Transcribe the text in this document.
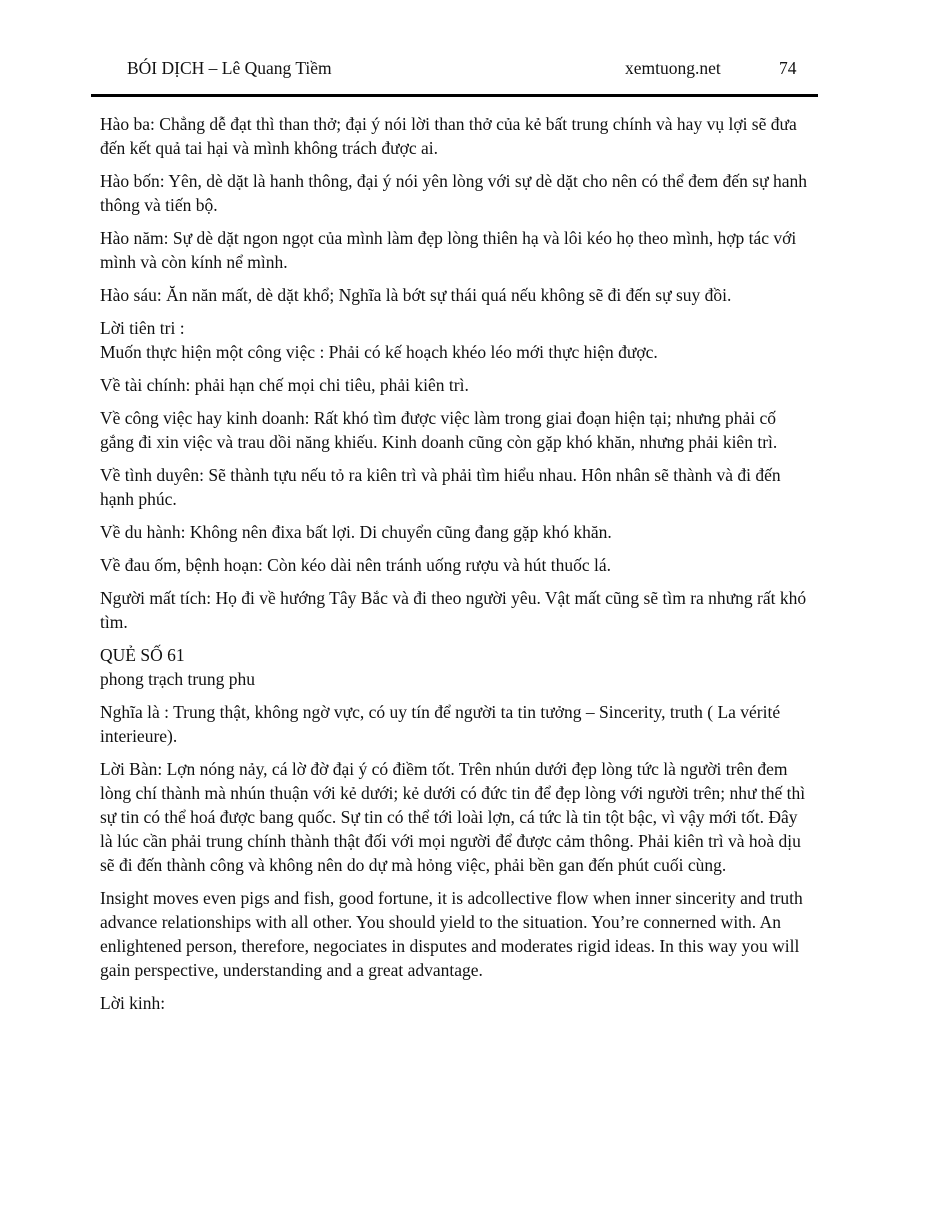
BÓI DỊCH – Lê Quang Tiềm	xemtuong.net	74

Hào ba: Chẳng dễ đạt thì than thở; đại ý nói lời than thở của kẻ bất trung chính và hay vụ lợi sẽ đưa đến kết quả tai hại và mình không trách được ai.

Hào bốn: Yên, dè dặt là hanh thông, đại ý nói yên lòng với sự dè dặt cho nên có thể đem đến sự hanh thông và tiến bộ.

Hào năm: Sự dè dặt ngon ngọt của mình làm đẹp lòng thiên hạ và lôi kéo họ theo mình, hợp tác với mình và còn kính nể mình.

Hào sáu: Ăn năn mất, dè dặt khổ; Nghĩa là bớt sự thái quá nếu không sẽ đi đến sự suy đồi.

Lời tiên tri :

Muốn thực hiện một công việc : Phải có kế hoạch khéo léo mới thực hiện được.

Về tài chính: phải hạn chế mọi chi tiêu, phải kiên trì.

Về công việc hay kinh doanh: Rất khó tìm được việc làm trong giai đoạn hiện tại; nhưng phải cố gắng đi xin việc và trau dồi năng khiếu. Kinh doanh cũng còn gặp khó khăn, nhưng phải kiên trì.

Về tình duyên: Sẽ thành tựu nếu tỏ ra kiên trì và phải tìm hiểu nhau. Hôn nhân sẽ thành và đi đến hạnh phúc.

Về du hành: Không nên đixa bất lợi. Di chuyển cũng đang gặp khó khăn.

Về đau ốm, bệnh hoạn: Còn kéo dài nên tránh uống rượu và hút thuốc lá.

Người mất tích: Họ đi về hướng Tây Bắc và đi theo người yêu. Vật mất cũng sẽ tìm ra nhưng rất khó tìm.

QUẺ SỐ 61

phong trạch trung phu

Nghĩa là : Trung thật, không ngờ vực, có uy tín để người ta tin tưởng – Sincerity, truth ( La vérité interieure).

Lời Bàn: Lợn nóng nảy, cá lờ đờ đại ý có điềm tốt. Trên nhún dưới đẹp lòng tức là người trên đem lòng chí thành mà nhún thuận với kẻ dưới; kẻ dưới có đức tin để đẹp lòng với người trên; như thế thì sự tin có thể hoá được bang quốc. Sự tin có thể tới loài lợn, cá tức là tin tột bậc, vì vậy mới tốt. Đây là lúc cần phải trung chính thành thật đối với mọi người để được cảm thông. Phải kiên trì và hoà dịu sẽ đi đến thành công và không nên do dự mà hỏng việc, phải bền gan đến phút cuối cùng.

Insight moves even pigs and fish, good fortune, it is adcollective flow when inner sincerity and truth advance relationships with all other. You should yield to the situation. You’re connerned with. An enlightened person, therefore, negociates in disputes and moderates rigid ideas. In this way you will gain perspective, understanding and a great advantage.

Lời kinh:
